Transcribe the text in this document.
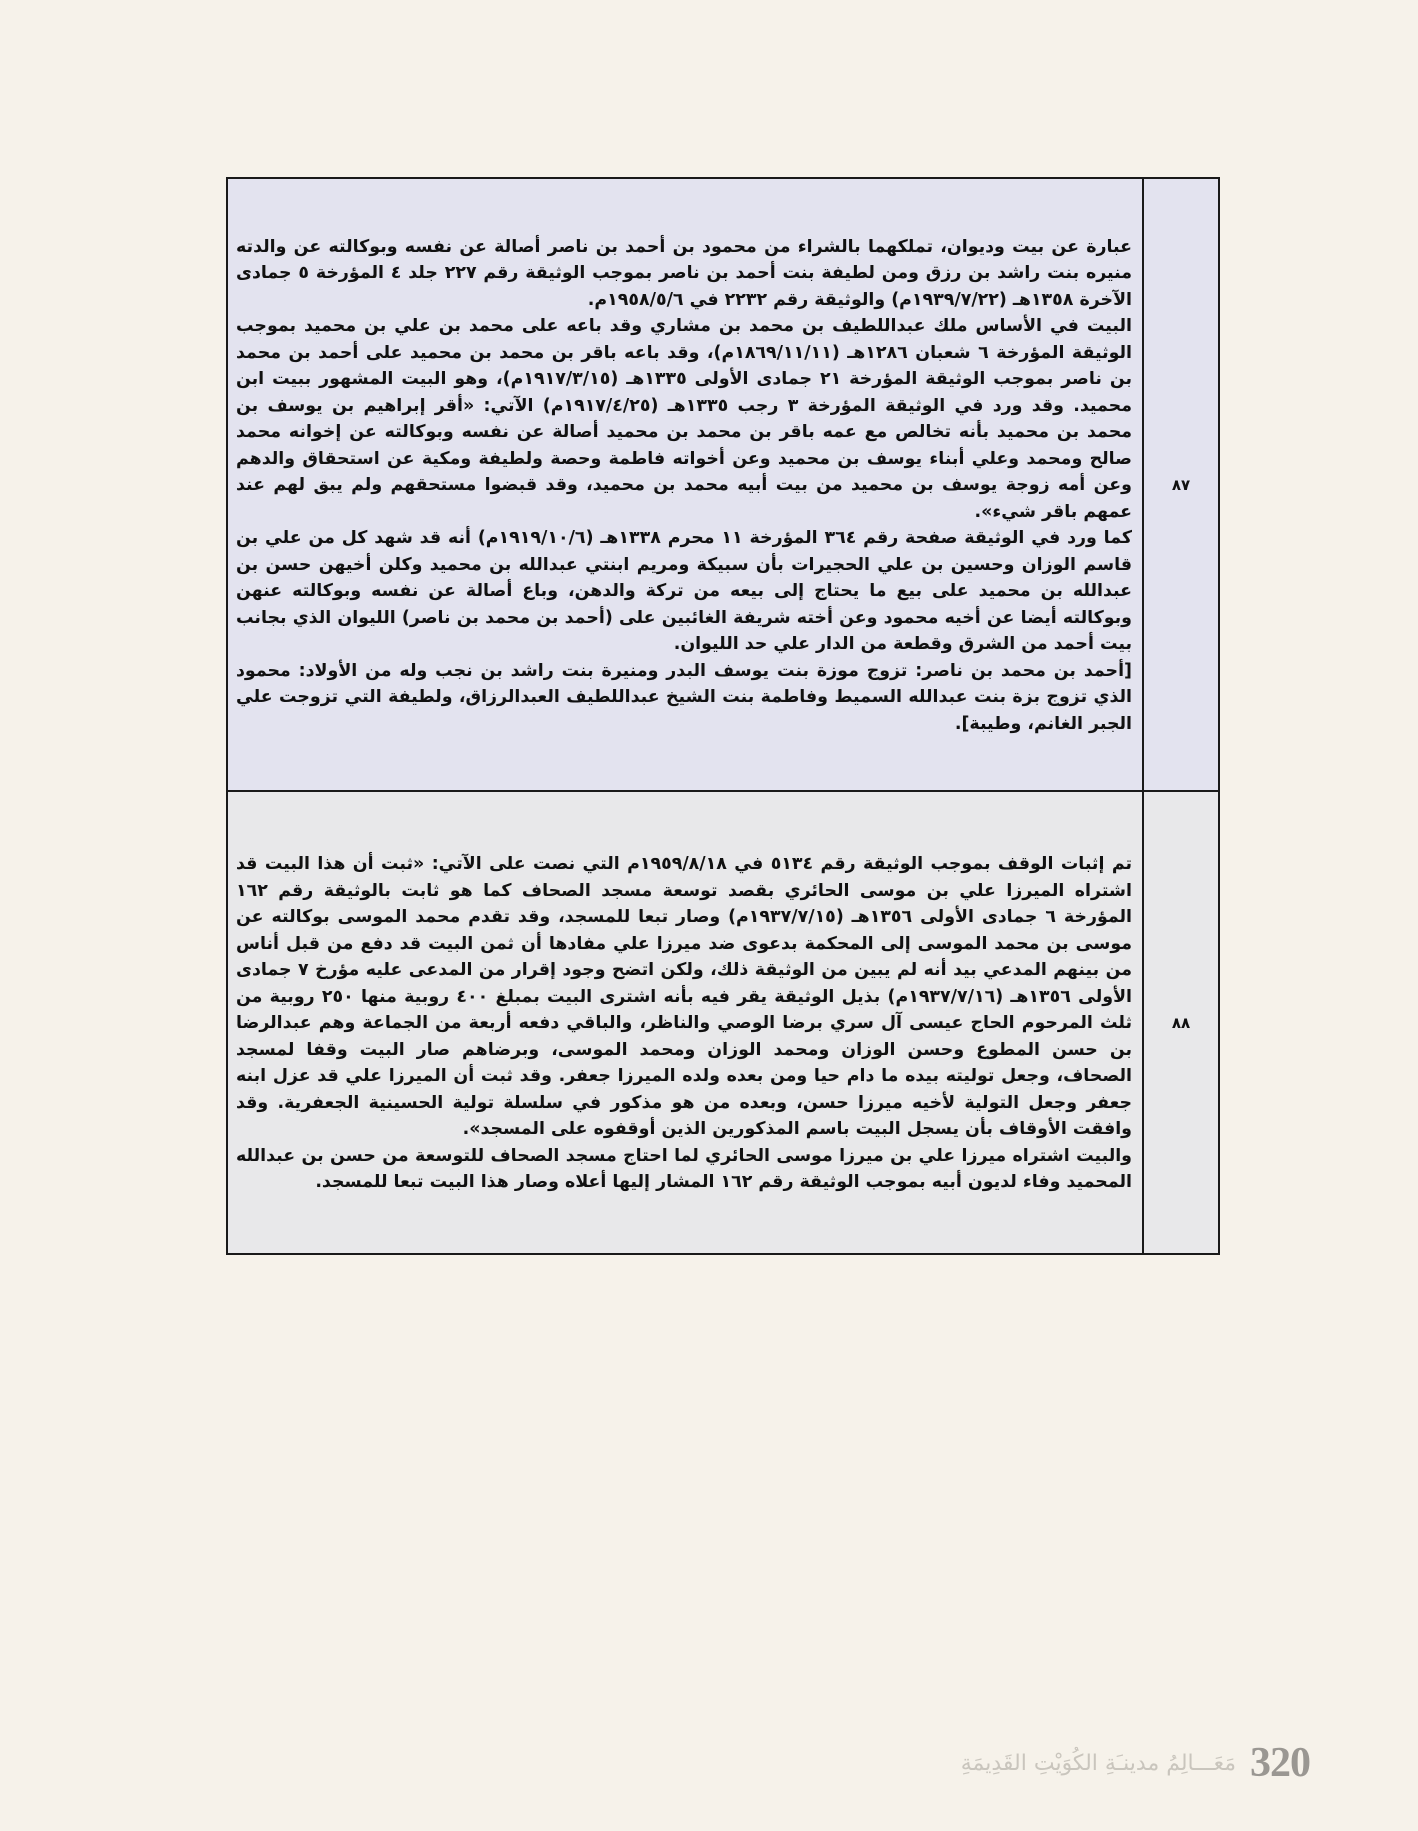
٨٧	عبارة عن بيت وديوان، تملكهما بالشراء من محمود بن أحمد بن ناصر أصالة عن نفسه وبوكالته عن والدته منيره بنت راشد بن رزق ومن لطيفة بنت أحمد بن ناصر بموجب الوثيقة رقم ٢٢٧ جلد ٤ المؤرخة ٥ جمادى الآخرة ١٣٥٨هـ (١٩٣٩/٧/٢٢م) والوثيقة رقم ٢٢٣٢ في ١٩٥٨/٥/٦م.

البيت في الأساس ملك عبداللطيف بن محمد بن مشاري وقد باعه على محمد بن علي بن محميد بموجب الوثيقة المؤرخة ٦ شعبان ١٢٨٦هـ (١٨٦٩/١١/١١م)، وقد باعه باقر بن محمد بن محميد على أحمد بن محمد بن ناصر بموجب الوثيقة المؤرخة ٢١ جمادى الأولى ١٣٣٥هـ (١٩١٧/٣/١٥م)، وهو البيت المشهور ببيت ابن محميد. وقد ورد في الوثيقة المؤرخة ٣ رجب ١٣٣٥هـ (١٩١٧/٤/٢٥م) الآتي: «أقر إبراهيم بن يوسف بن محمد بن محميد بأنه تخالص مع عمه باقر بن محمد بن محميد أصالة عن نفسه وبوكالته عن إخوانه محمد صالح ومحمد وعلي أبناء يوسف بن محميد وعن أخواته فاطمة وحصة ولطيفة ومكية عن استحقاق والدهم وعن أمه زوجة يوسف بن محميد من بيت أبيه محمد بن محميد، وقد قبضوا مستحقهم ولم يبق لهم عند عمهم باقر شيء».

كما ورد في الوثيقة صفحة رقم ٣٦٤ المؤرخة ١١ محرم ١٣٣٨هـ (١٩١٩/١٠/٦م) أنه قد شهد كل من علي بن قاسم الوزان وحسين بن علي الحجيرات بأن سبيكة ومريم ابنتي عبدالله بن محميد وكلن أخيهن حسن بن عبدالله بن محميد على بيع ما يحتاج إلى بيعه من تركة والدهن، وباع أصالة عن نفسه وبوكالته عنهن وبوكالته أيضا عن أخيه محمود وعن أخته شريفة الغائبين على (أحمد بن محمد بن ناصر) الليوان الذي بجانب بيت أحمد من الشرق وقطعة من الدار علي حد الليوان.

[أحمد بن محمد بن ناصر: تزوج موزة بنت يوسف البدر ومنيرة بنت راشد بن نجب وله من الأولاد: محمود الذي تزوج بزة بنت عبدالله السميط وفاطمة بنت الشيخ عبداللطيف العبدالرزاق، ولطيفة التي تزوجت علي الجبر الغانم، وطيبة].

٨٨	تم إثبات الوقف بموجب الوثيقة رقم ٥١٣٤ في ١٩٥٩/٨/١٨م التي نصت على الآتي: «ثبت أن هذا البيت قد اشتراه الميرزا علي بن موسى الحائري بقصد توسعة مسجد الصحاف كما هو ثابت بالوثيقة رقم ١٦٢ المؤرخة ٦ جمادى الأولى ١٣٥٦هـ (١٩٣٧/٧/١٥م) وصار تبعا للمسجد، وقد تقدم محمد الموسى بوكالته عن موسى بن محمد الموسى إلى المحكمة بدعوى ضد ميرزا علي مفادها أن ثمن البيت قد دفع من قبل أناس من بينهم المدعي بيد أنه لم يبين من الوثيقة ذلك، ولكن اتضح وجود إقرار من المدعى عليه مؤرخ ٧ جمادى الأولى ١٣٥٦هـ (١٩٣٧/٧/١٦م) بذيل الوثيقة يقر فيه بأنه اشترى البيت بمبلغ ٤٠٠ روبية منها ٢٥٠ روبية من ثلث المرحوم الحاج عيسى آل سري برضا الوصي والناظر، والباقي دفعه أربعة من الجماعة وهم عبدالرضا بن حسن المطوع وحسن الوزان ومحمد الوزان ومحمد الموسى، وبرضاهم صار البيت وقفا لمسجد الصحاف، وجعل توليته بيده ما دام حيا ومن بعده ولده الميرزا جعفر. وقد ثبت أن الميرزا علي قد عزل ابنه جعفر وجعل التولية لأخيه ميرزا حسن، وبعده من هو مذكور في سلسلة تولية الحسينية الجعفرية. وقد وافقت الأوقاف بأن يسجل البيت باسم المذكورين الذين أوقفوه على المسجد».

والبيت اشتراه ميرزا علي بن ميرزا موسى الحائري لما احتاج مسجد الصحاف للتوسعة من حسن بن عبدالله المحميد وفاء لديون أبيه بموجب الوثيقة رقم ١٦٢ المشار إليها أعلاه وصار هذا البيت تبعا للمسجد.

مَعَـــالِمُ مدينـَةِ الكُوَيْتِ القَدِيمَةِ 320
